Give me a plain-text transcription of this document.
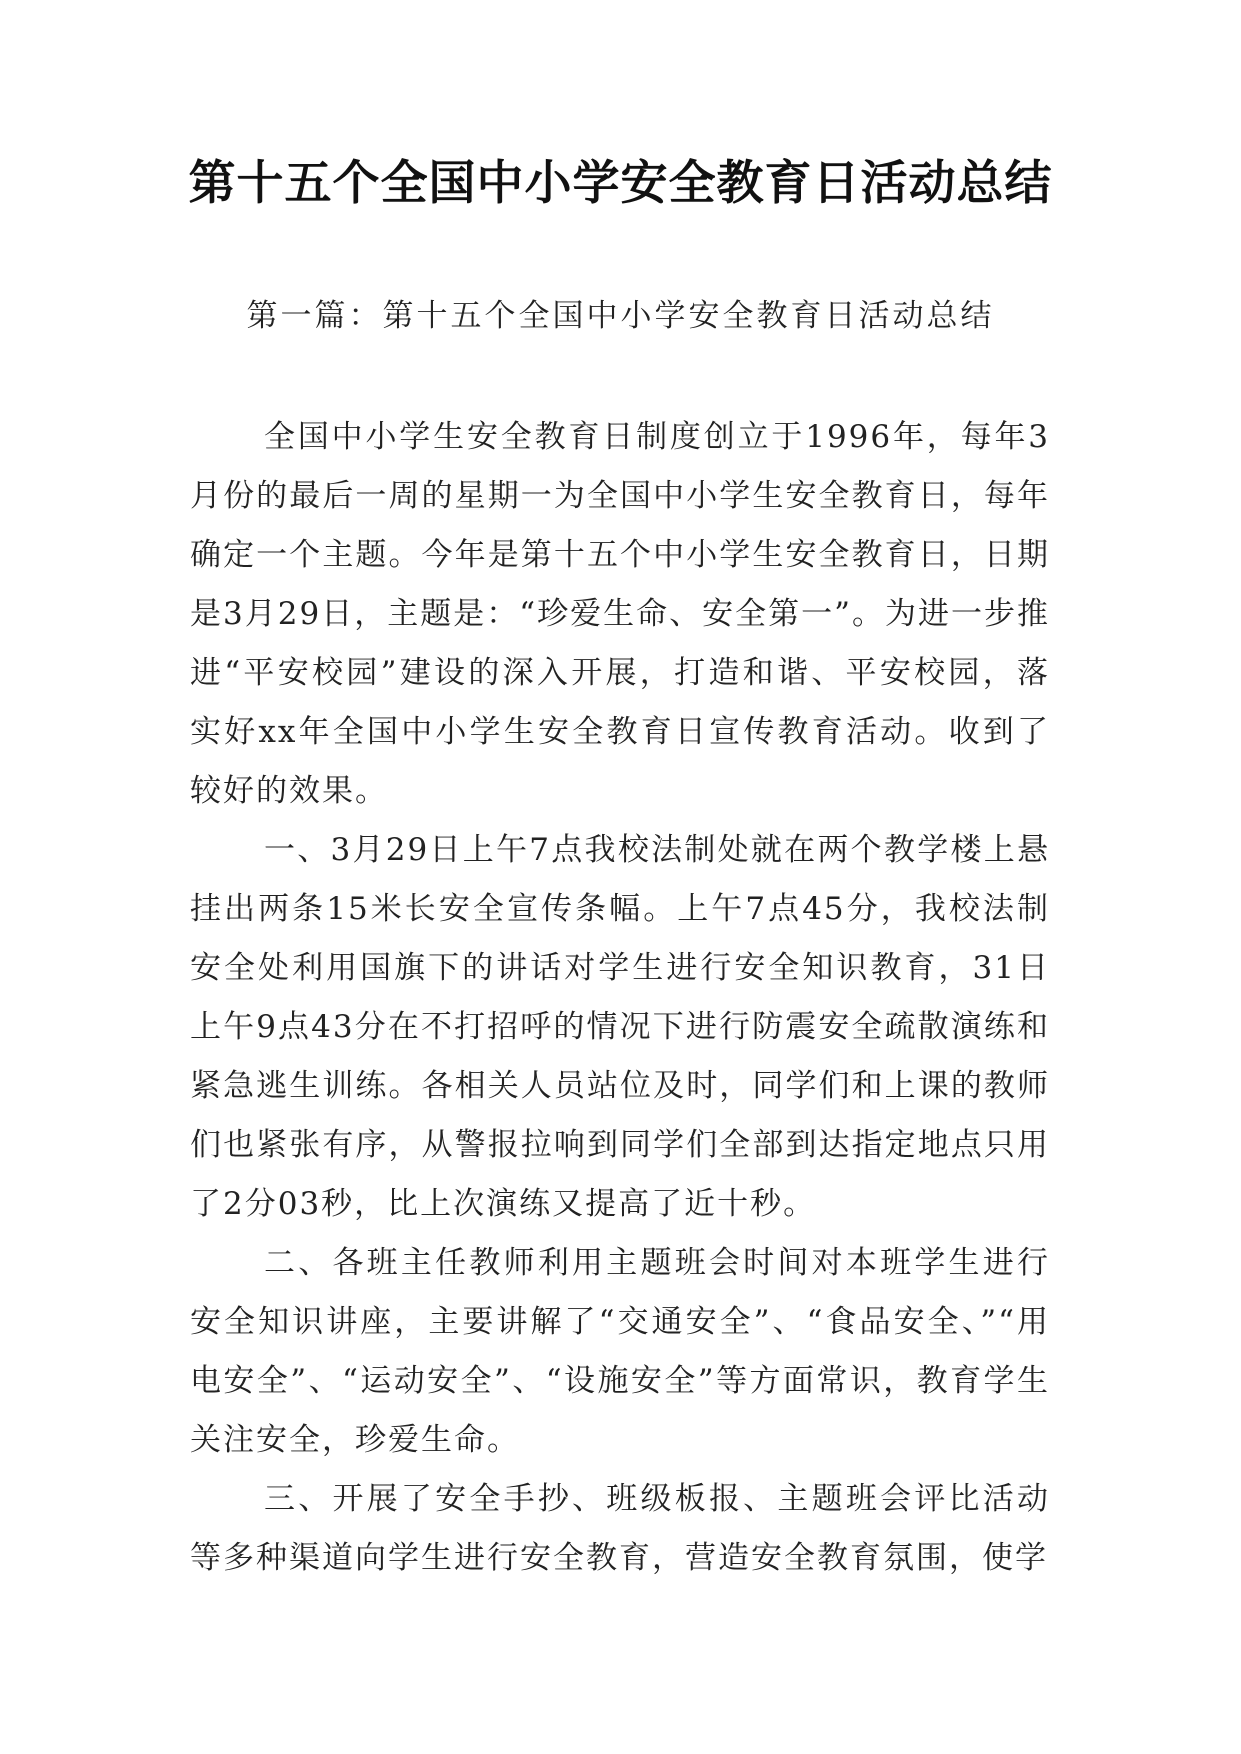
第十五个全国中小学安全教育日活动总结

第一篇：第十五个全国中小学安全教育日活动总结

全国中小学生安全教育日制度创立于1996年，每年3月份的最后一周的星期一为全国中小学生安全教育日，每年确定一个主题。今年是第十五个中小学生安全教育日，日期是3月29日，主题是：“珍爱生命、安全第一”。为进一步推进“平安校园”建设的深入开展，打造和谐、平安校园，落实好xx年全国中小学生安全教育日宣传教育活动。收到了较好的效果。

一、3月29日上午7点我校法制处就在两个教学楼上悬挂出两条15米长安全宣传条幅。上午7点45分，我校法制安全处利用国旗下的讲话对学生进行安全知识教育，31日上午9点43分在不打招呼的情况下进行防震安全疏散演练和紧急逃生训练。各相关人员站位及时，同学们和上课的教师们也紧张有序，从警报拉响到同学们全部到达指定地点只用了2分03秒，比上次演练又提高了近十秒。

二、各班主任教师利用主题班会时间对本班学生进行安全知识讲座，主要讲解了“交通安全”、“食品安全、”“用电安全”、“运动安全”、“设施安全”等方面常识，教育学生关注安全，珍爱生命。

三、开展了安全手抄、班级板报、主题班会评比活动等多种渠道向学生进行安全教育，营造安全教育氛围，使学
